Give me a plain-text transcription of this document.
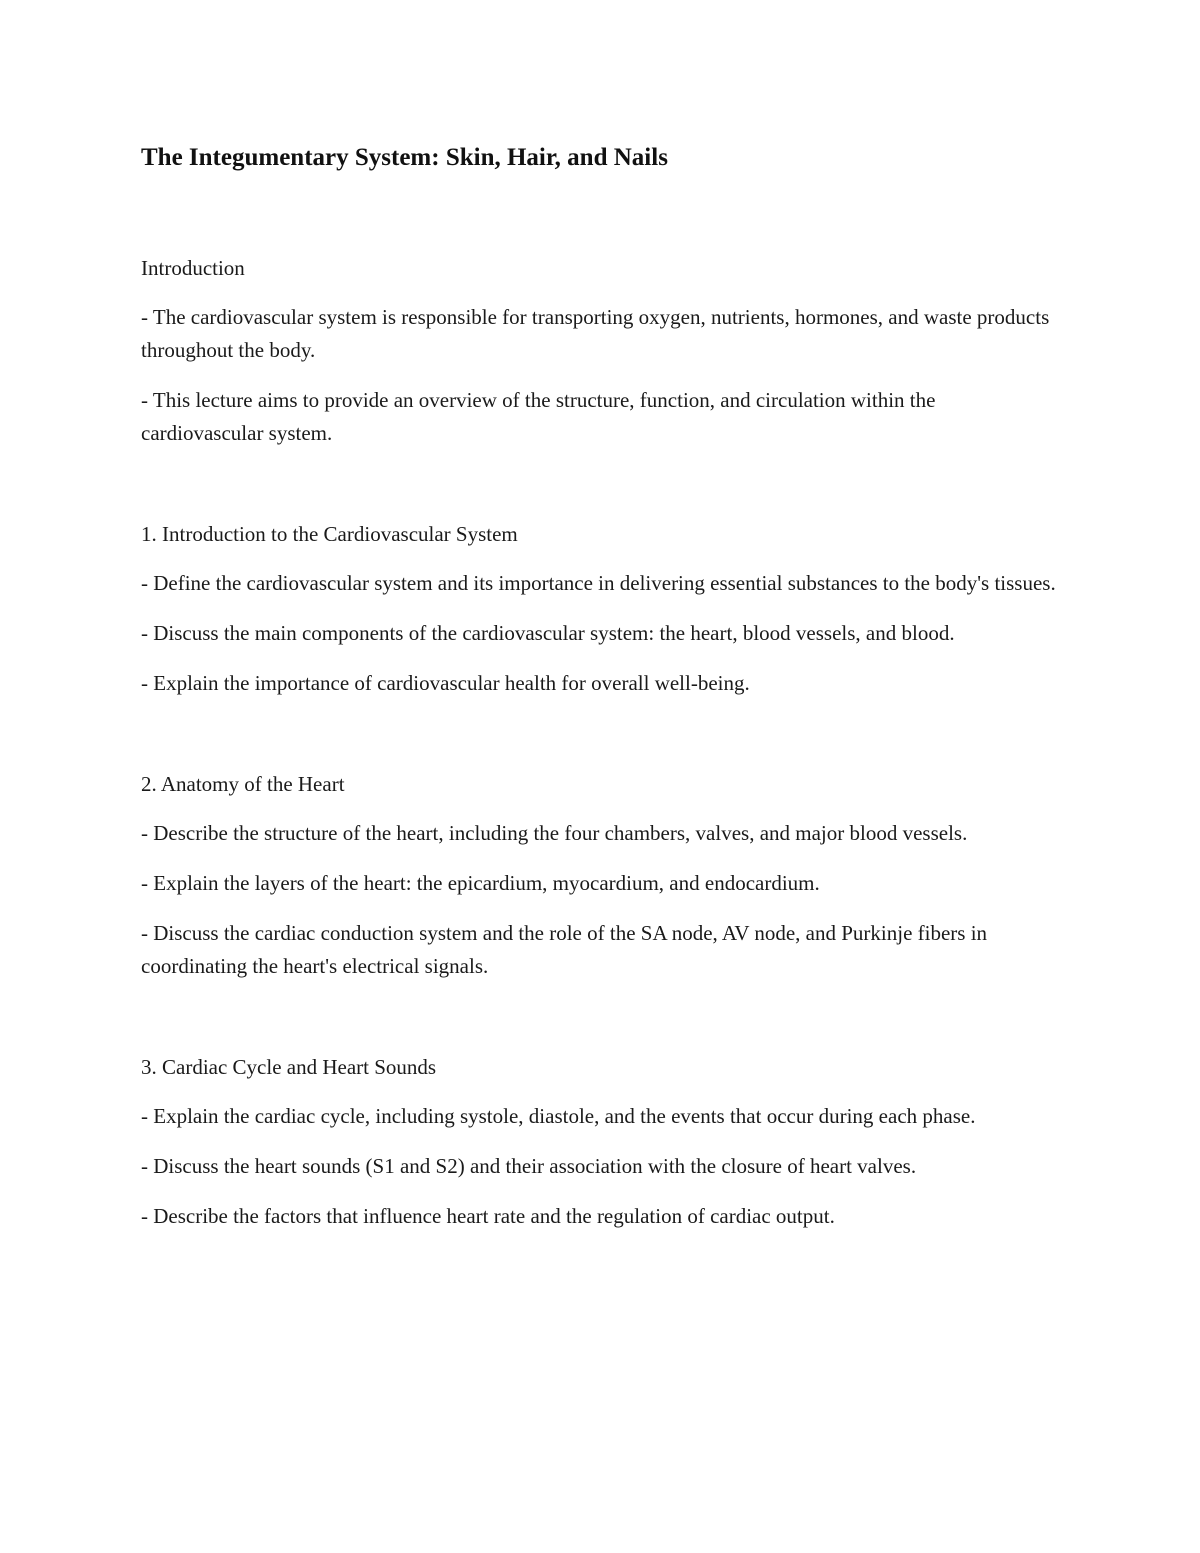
The Integumentary System: Skin, Hair, and Nails
Introduction
- The cardiovascular system is responsible for transporting oxygen, nutrients, hormones, and waste products throughout the body.
- This lecture aims to provide an overview of the structure, function, and circulation within the cardiovascular system.
1. Introduction to the Cardiovascular System
- Define the cardiovascular system and its importance in delivering essential substances to the body's tissues.
- Discuss the main components of the cardiovascular system: the heart, blood vessels, and blood.
- Explain the importance of cardiovascular health for overall well-being.
2. Anatomy of the Heart
- Describe the structure of the heart, including the four chambers, valves, and major blood vessels.
- Explain the layers of the heart: the epicardium, myocardium, and endocardium.
- Discuss the cardiac conduction system and the role of the SA node, AV node, and Purkinje fibers in coordinating the heart's electrical signals.
3. Cardiac Cycle and Heart Sounds
- Explain the cardiac cycle, including systole, diastole, and the events that occur during each phase.
- Discuss the heart sounds (S1 and S2) and their association with the closure of heart valves.
- Describe the factors that influence heart rate and the regulation of cardiac output.
